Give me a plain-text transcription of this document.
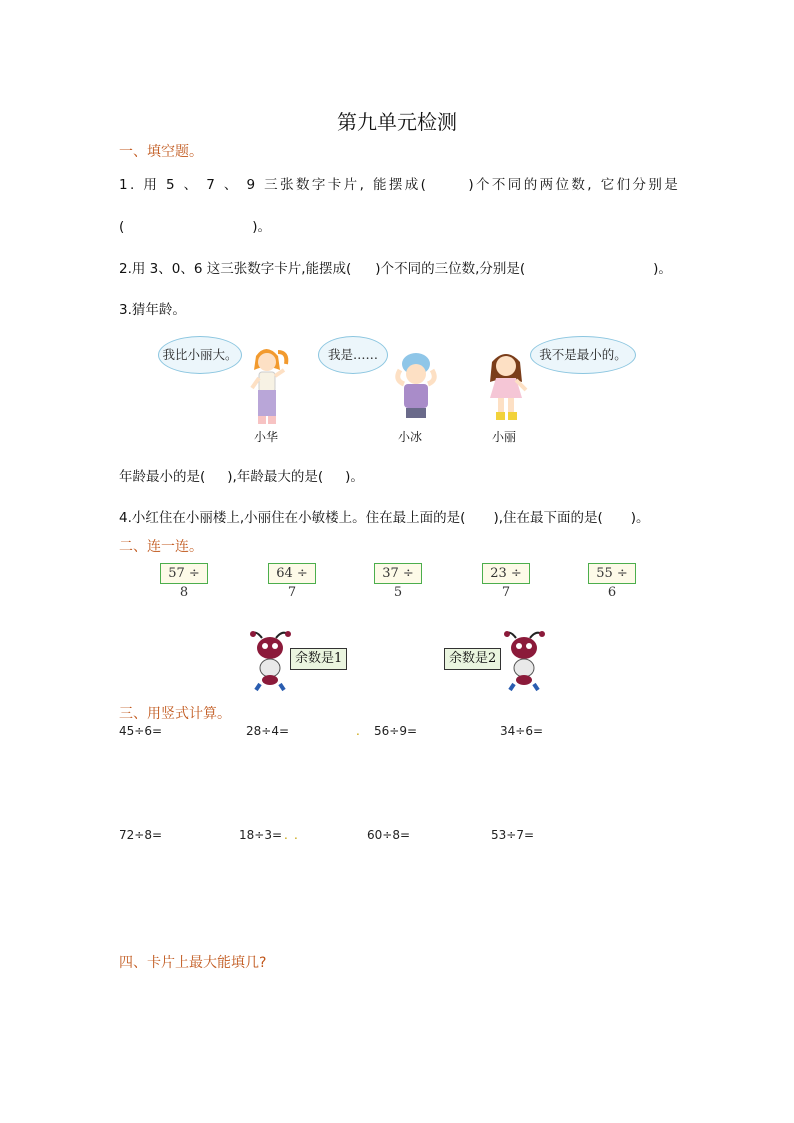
第九单元检测
一、填空题。
1. 用 5 、 7 、 9 三张数字卡片, 能摆成(	)个不同的两位数, 它们分别是
(	)。
2.用 3、0、6 这三张数字卡片,能摆成( )个不同的三位数,分别是(	)。
3.猜年龄。
我比小丽大。	我是……	我不是最小的。
小华	小冰	小丽
年龄最小的是( ),年龄最大的是( )。
4.小红住在小丽楼上,小丽住在小敏楼上。住在最上面的是( ),住在最下面的是( )。
二、连一连。
57 ÷ 8
64 ÷ 7
37 ÷ 5
23 ÷ 7
55 ÷ 6
余数是1	余数是2
三、用竖式计算。
45÷6=	28÷4=	. 56÷9=	34÷6=
72÷8=	18÷3= . .	60÷8=	53÷7=
四、卡片上最大能填几?
